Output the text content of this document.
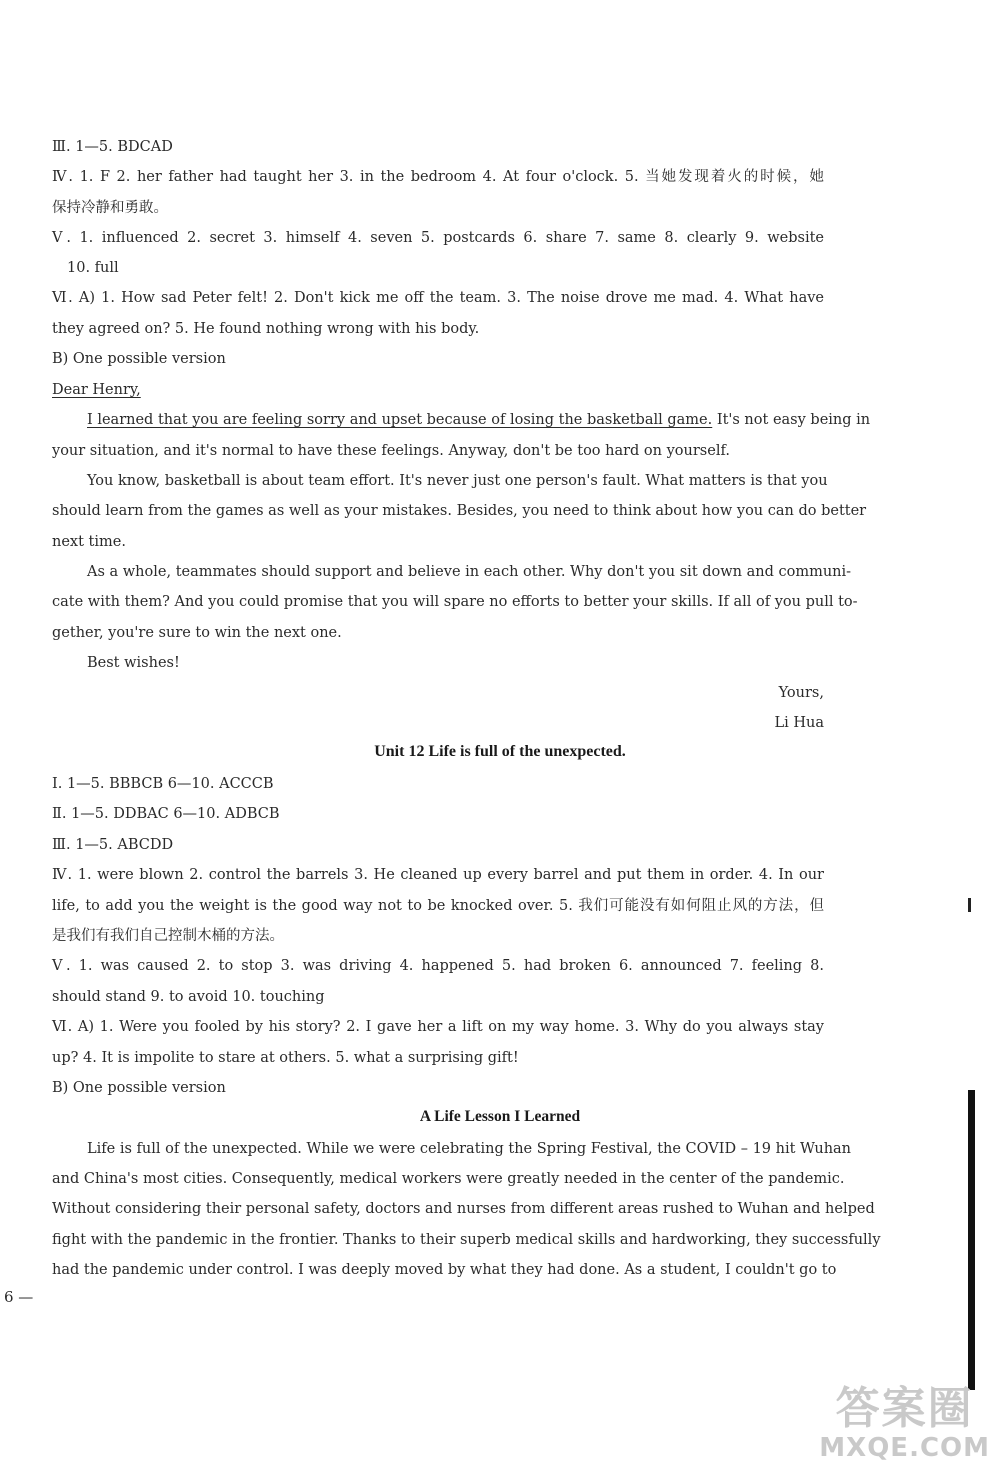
Ⅲ. 1—5. BDCAD
Ⅳ. 1. F 2. her father had taught her 3. in the bedroom 4. At four o'clock. 5. 当她发现着火的时候，她
保持冷静和勇敢。
Ⅴ. 1. influenced 2. secret 3. himself 4. seven 5. postcards 6. share 7. same 8. clearly 9. website
10. full
Ⅵ. A) 1. How sad Peter felt! 2. Don't kick me off the team. 3. The noise drove me mad. 4. What have
they agreed on? 5. He found nothing wrong with his body.
B) One possible version
Dear Henry,
I learned that you are feeling sorry and upset because of losing the basketball game. It's not easy being in
your situation, and it's normal to have these feelings. Anyway, don't be too hard on yourself.
You know, basketball is about team effort. It's never just one person's fault. What matters is that you
should learn from the games as well as your mistakes. Besides, you need to think about how you can do better
next time.
As a whole, teammates should support and believe in each other. Why don't you sit down and communi-
cate with them? And you could promise that you will spare no efforts to better your skills. If all of you pull to-
gether, you're sure to win the next one.
Best wishes!
Yours,
Li Hua
Unit 12 Life is full of the unexpected.
Ⅰ. 1—5. BBBCB 6—10. ACCCB
Ⅱ. 1—5. DDBAC 6—10. ADBCB
Ⅲ. 1—5. ABCDD
Ⅳ. 1. were blown 2. control the barrels 3. He cleaned up every barrel and put them in order. 4. In our
life, to add you the weight is the good way not to be knocked over. 5. 我们可能没有如何阻止风的方法，但
是我们有我们自己控制木桶的方法。
Ⅴ. 1. was caused 2. to stop 3. was driving 4. happened 5. had broken 6. announced 7. feeling 8.
should stand 9. to avoid 10. touching
Ⅵ. A) 1. Were you fooled by his story? 2. I gave her a lift on my way home. 3. Why do you always stay
up? 4. It is impolite to stare at others. 5. what a surprising gift!
B) One possible version
A Life Lesson I Learned
Life is full of the unexpected. While we were celebrating the Spring Festival, the COVID – 19 hit Wuhan
and China's most cities. Consequently, medical workers were greatly needed in the center of the pandemic.
Without considering their personal safety, doctors and nurses from different areas rushed to Wuhan and helped
fight with the pandemic in the frontier. Thanks to their superb medical skills and hardworking, they successfully
had the pandemic under control. I was deeply moved by what they had done. As a student, I couldn't go to
6 —
答案圈
MXQE.COM
